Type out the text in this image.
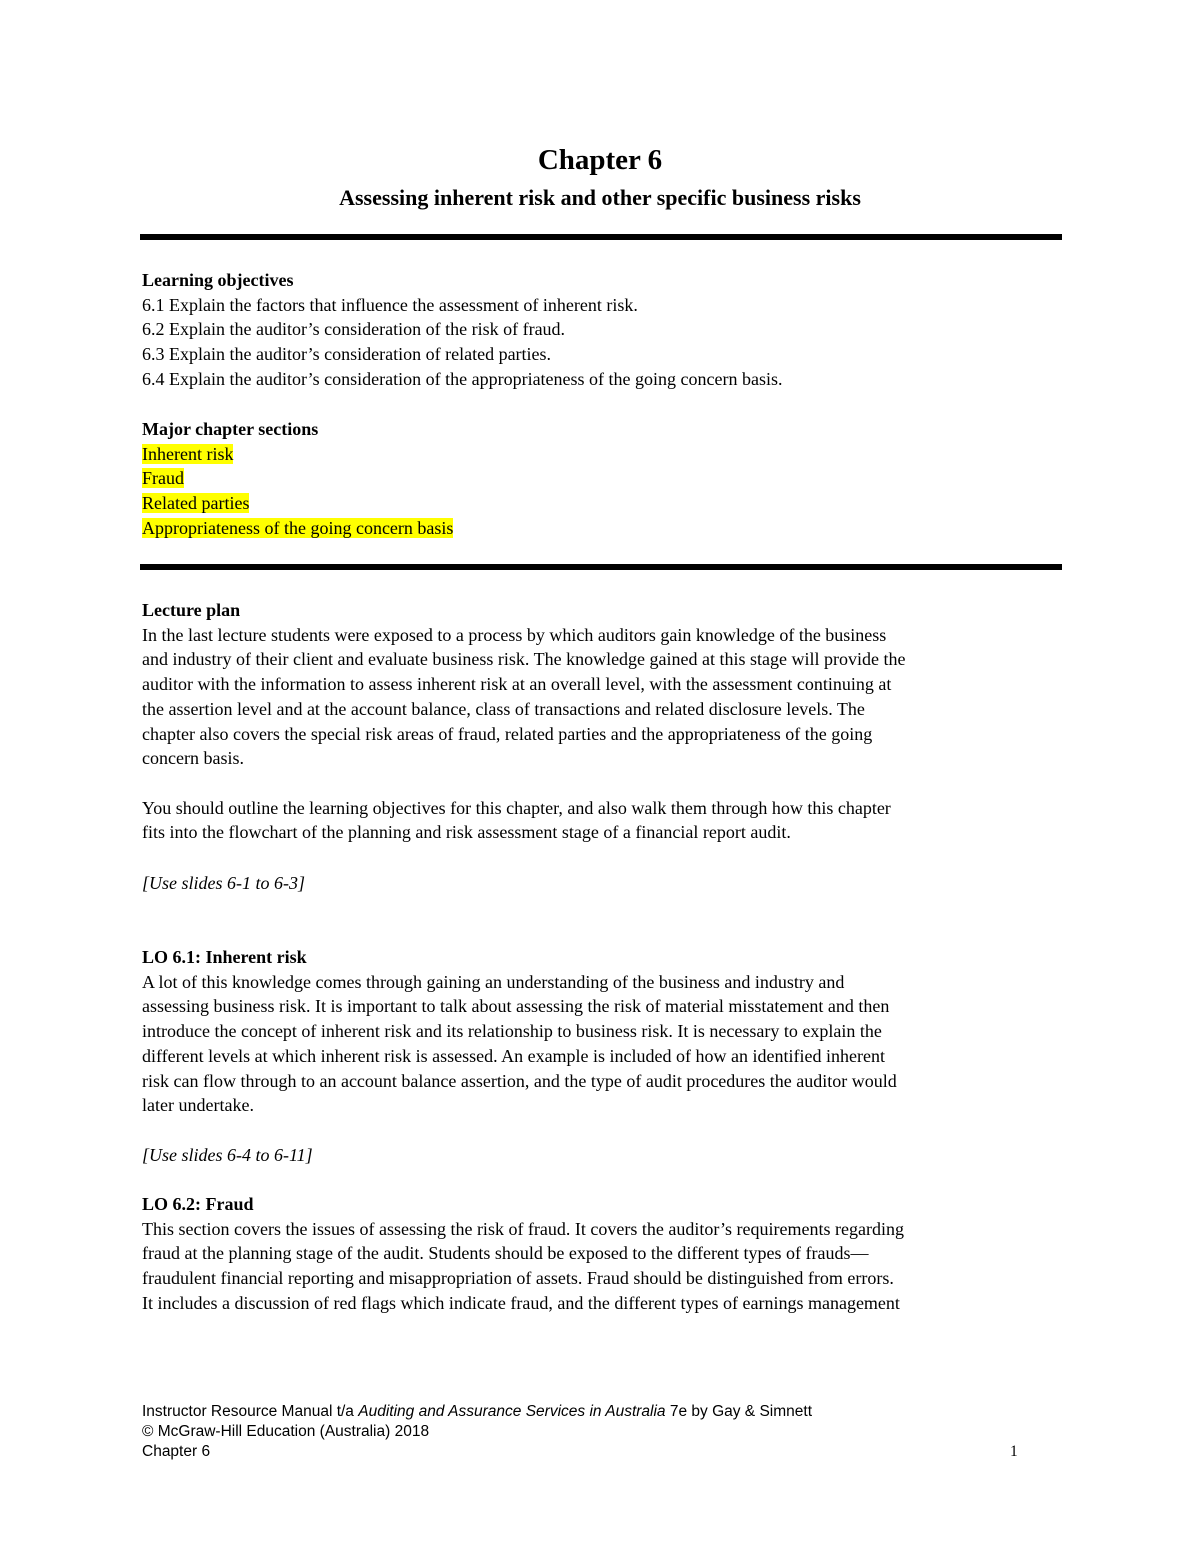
Chapter 6

Assessing inherent risk and other specific business risks

Learning objectives

6.1 Explain the factors that influence the assessment of inherent risk.

6.2 Explain the auditor’s consideration of the risk of fraud.

6.3 Explain the auditor’s consideration of related parties.

6.4 Explain the auditor’s consideration of the appropriateness of the going concern basis.

Major chapter sections

Inherent risk

Fraud

Related parties

Appropriateness of the going concern basis

Lecture plan

In the last lecture students were exposed to a process by which auditors gain knowledge of the business

and industry of their client and evaluate business risk. The knowledge gained at this stage will provide the

auditor with the information to assess inherent risk at an overall level, with the assessment continuing at

the assertion level and at the account balance, class of transactions and related disclosure levels. The

chapter also covers the special risk areas of fraud, related parties and the appropriateness of the going

concern basis.

You should outline the learning objectives for this chapter, and also walk them through how this chapter

fits into the flowchart of the planning and risk assessment stage of a financial report audit.

[Use slides 6-1 to 6-3]

LO 6.1: Inherent risk

A lot of this knowledge comes through gaining an understanding of the business and industry and

assessing business risk. It is important to talk about assessing the risk of material misstatement and then

introduce the concept of inherent risk and its relationship to business risk. It is necessary to explain the

different levels at which inherent risk is assessed. An example is included of how an identified inherent

risk can flow through to an account balance assertion, and the type of audit procedures the auditor would

later undertake.

[Use slides 6-4 to 6-11]

LO 6.2: Fraud

This section covers the issues of assessing the risk of fraud. It covers the auditor’s requirements regarding

fraud at the planning stage of the audit. Students should be exposed to the different types of frauds—

fraudulent financial reporting and misappropriation of assets. Fraud should be distinguished from errors.

It includes a discussion of red flags which indicate fraud, and the different types of earnings management

Instructor Resource Manual t/a Auditing and Assurance Services in Australia 7e by Gay & Simnett

© McGraw-Hill Education (Australia) 2018

Chapter 6	1
